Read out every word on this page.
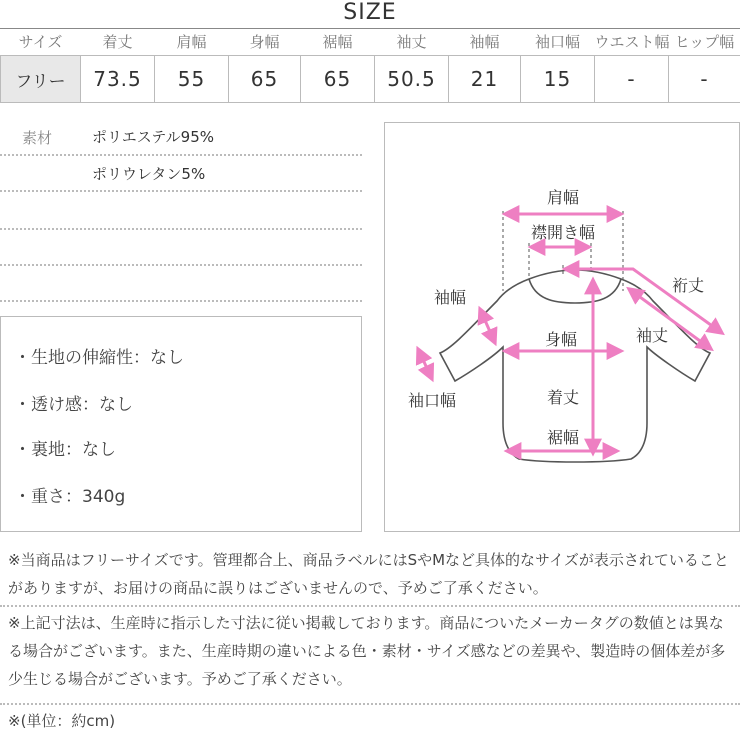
SIZE
サイズ	着丈	肩幅	身幅	裾幅	袖丈	袖幅	袖口幅	ウエスト幅	ヒップ幅
フリー	73.5	55	65	65	50.5	21	15	-	-
素材	ポリエステル95%
ポリウレタン5%
・生地の伸縮性：なし
・透け感：なし
・裏地：なし
・重さ：340g
肩幅
襟開き幅
裄丈
袖幅
袖丈
身幅
袖口幅	着丈
裾幅
※当商品はフリーサイズです。管理都合上、商品ラベルにはSやMなど具体的なサイズが表示されていることがありますが、お届けの商品に誤りはございませんので、予めご了承ください。
※上記寸法は、生産時に指示した寸法に従い掲載しております。商品についたメーカータグの数値とは異なる場合がございます。また、生産時期の違いによる色・素材・サイズ感などの差異や、製造時の個体差が多少生じる場合がございます。予めご了承ください。
※(単位：約cm)
